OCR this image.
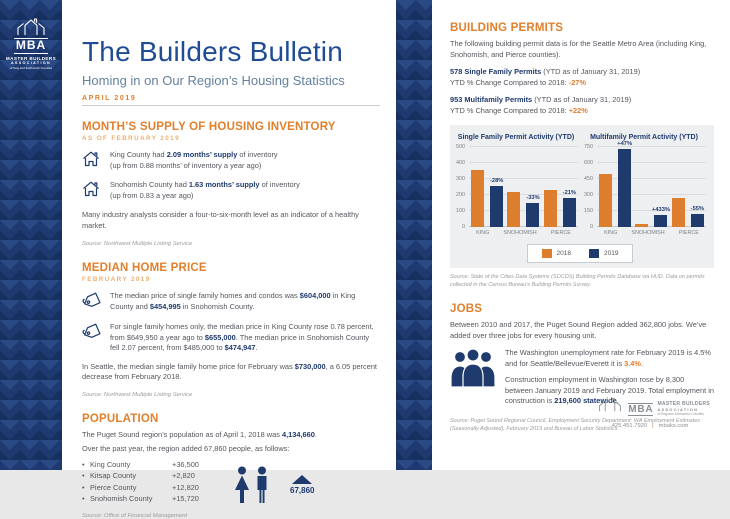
MBA
MASTER BUILDERS
ASSOCIATION
of King and Snohomish Counties
The Builders Bulletin
Homing in on Our Region’s Housing Statistics
APRIL 2019
MONTH’S SUPPLY OF HOUSING INVENTORY
AS OF FEBRUARY 2019
King County had 2.09 months’ supply of inventory
(up from 0.88 months’ of inventory a year ago)
Snohomish County had 1.63 months’ supply of inventory
(up from 0.83 a year ago)
Many industry analysts consider a four-to-six-month level as an indicator of a healthy market.
Source: Northwest Multiple Listing Service
MEDIAN HOME PRICE
FEBRUARY 2019
The median price of single family homes and condos was $604,000 in King County and $454,995 in Snohomish County.
For single family homes only, the median price in King County rose 0.78 percent, from $649,950 a year ago to $655,000. The median price in Snohomish County fell 2.07 percent, from $485,000 to $474,947.
In Seattle, the median single family home price for February was $730,000, a 6.05 percent decrease from February 2018.
Source: Northwest Multiple Listing Service
POPULATION
The Puget Sound region’s population as of April 1, 2018 was 4,134,660.
Over the past year, the region added 67,860 people, as follows:
• King County	+36,500
• Kitsap County	+2,820
• Pierce County	+12,820
• Snohomish County	+15,720
67,860
Source: Office of Financial Management
BUILDING PERMITS
The following building permit data is for the Seattle Metro Area (including King, Snohomish, and Pierce counties).
578 Single Family Permits (YTD as of January 31, 2019)
YTD % Change Compared to 2018: -27%
953 Multifamily Permits (YTD as of January 31, 2019)
YTD % Change Compared to 2018: +22%
Single Family Permit Activity (YTD)
0
100
200
300
400
500
-28%
-33%
-21%
KING	SNOHOMISH	PIERCE
Multifamily Permit Activity (YTD)
0
150
300
450
600
750	+47%
+433%	-55%
KING	SNOHOMISH	PIERCE
2018	2019
Source: State of the Cities Data Systems (SOCDS) Building Permits Database via HUD. Data on permits collected in the Census Bureau’s Building Permits Survey.
JOBS
Between 2010 and 2017, the Puget Sound Region added 362,800 jobs. We’ve added over three jobs for every housing unit.
The Washington unemployment rate for February 2019 is 4.5% and for Seattle/Bellevue/Everett it is 3.4%.
Construction employment in Washington rose by 8,300 between January 2019 and February 2019. Total employment in construction is 219,600 statewide.
Source: Puget Sound Regional Council, Employment Security Department: WA Employment Estimates (Seasonally Adjusted), February 2019 and Bureau of Labor Statistics.
MBA MASTER BUILDERS
ASSOCIATION
of King and Snohomish Counties
425.451.7920 | mbaks.com
